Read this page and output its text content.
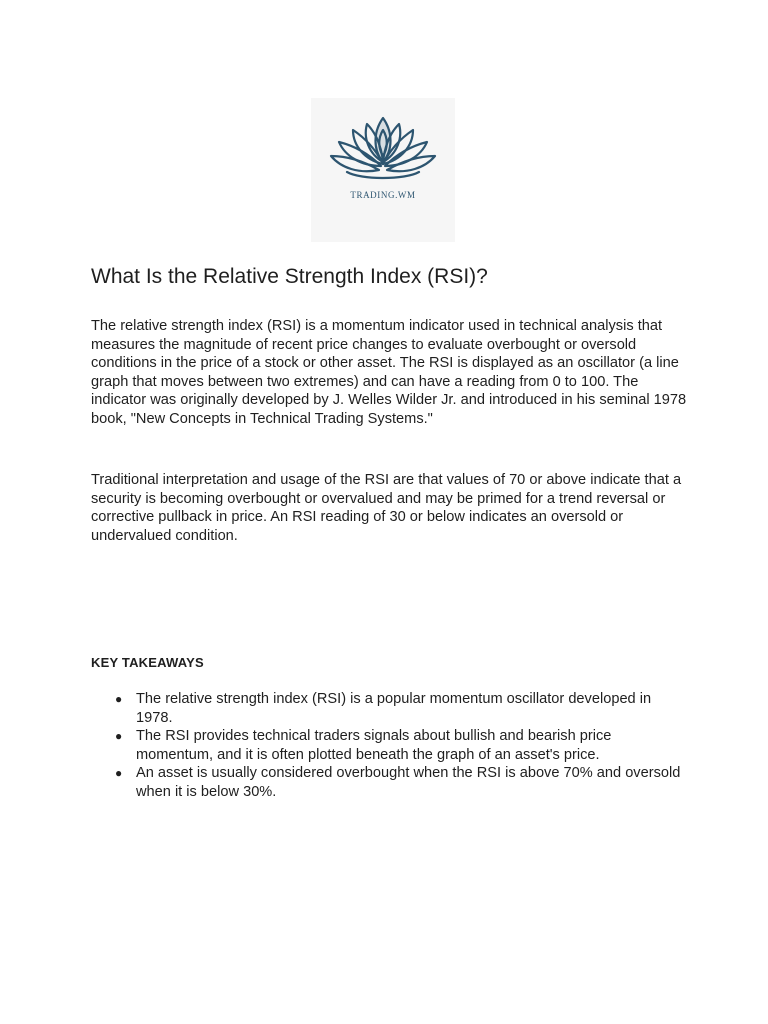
TRADING.WM
What Is the Relative Strength Index (RSI)?

The relative strength index (RSI) is a momentum indicator used in technical analysis that measures the magnitude of recent price changes to evaluate overbought or oversold conditions in the price of a stock or other asset. The RSI is displayed as an oscillator (a line graph that moves between two extremes) and can have a reading from 0 to 100. The indicator was originally developed by J. Welles Wilder Jr. and introduced in his seminal 1978 book, "New Concepts in Technical Trading Systems."

Traditional interpretation and usage of the RSI are that values of 70 or above indicate that a security is becoming overbought or overvalued and may be primed for a trend reversal or corrective pullback in price. An RSI reading of 30 or below indicates an oversold or undervalued condition.

KEY TAKEAWAYS
● The relative strength index (RSI) is a popular momentum oscillator developed in 1978.
● The RSI provides technical traders signals about bullish and bearish price momentum, and it is often plotted beneath the graph of an asset's price.
● An asset is usually considered overbought when the RSI is above 70% and oversold when it is below 30%.
